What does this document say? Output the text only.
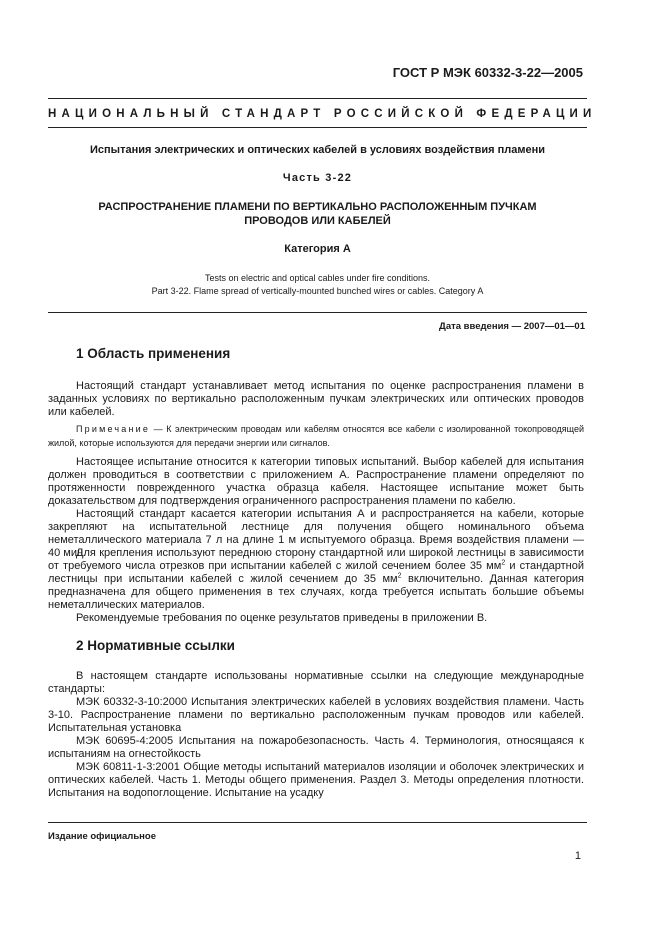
ГОСТ Р МЭК 60332-3-22—2005
НАЦИОНАЛЬНЫЙ СТАНДАРТ РОССИЙСКОЙ ФЕДЕРАЦИИ
Испытания электрических и оптических кабелей в условиях воздействия пламени
Часть 3-22
РАСПРОСТРАНЕНИЕ ПЛАМЕНИ ПО ВЕРТИКАЛЬНО РАСПОЛОЖЕННЫМ ПУЧКАМ
ПРОВОДОВ ИЛИ КАБЕЛЕЙ
Категория А
Tests on electric and optical cables under fire conditions.
Part 3-22. Flame spread of vertically-mounted bunched wires or cables. Category A
Дата введения — 2007—01—01
1 Область применения
Настоящий стандарт устанавливает метод испытания по оценке распространения пламени в заданных условиях по вертикально расположенным пучкам электрических или оптических проводов или кабелей.
Примечание — К электрическим проводам или кабелям относятся все кабели с изолированной токопроводящей жилой, которые используются для передачи энергии или сигналов.
Настоящее испытание относится к категории типовых испытаний. Выбор кабелей для испытания должен проводиться в соответствии с приложением А. Распространение пламени определяют по протяженности поврежденного участка образца кабеля. Настоящее испытание может быть доказательством для подтверждения ограниченного распространения пламени по кабелю.
Настоящий стандарт касается категории испытания А и распространяется на кабели, которые закрепляют на испытательной лестнице для получения общего номинального объема неметаллического материала 7 л на длине 1 м испытуемого образца. Время воздействия пламени — 40 мин.
Для крепления используют переднюю сторону стандартной или широкой лестницы в зависимости от требуемого числа отрезков при испытании кабелей с жилой сечением более 35 $мм^2$ и стандартной лестницы при испытании кабелей с жилой сечением до 35 $мм^2$ включительно. Данная категория предназначена для общего применения в тех случаях, когда требуется испытать большие объемы неметаллических материалов.
Рекомендуемые требования по оценке результатов приведены в приложении В.
2 Нормативные ссылки
В настоящем стандарте использованы нормативные ссылки на следующие международные стандарты:
МЭК 60332-3-10:2000 Испытания электрических кабелей в условиях воздействия пламени. Часть 3-10. Распространение пламени по вертикально расположенным пучкам проводов или кабелей. Испытательная установка
МЭК 60695-4:2005 Испытания на пожаробезопасность. Часть 4. Терминология, относящаяся к испытаниям на огнестойкость
МЭК 60811-1-3:2001 Общие методы испытаний материалов изоляции и оболочек электрических и оптических кабелей. Часть 1. Методы общего применения. Раздел 3. Методы определения плотности. Испытания на водопоглощение. Испытание на усадку
Издание официальное
1
